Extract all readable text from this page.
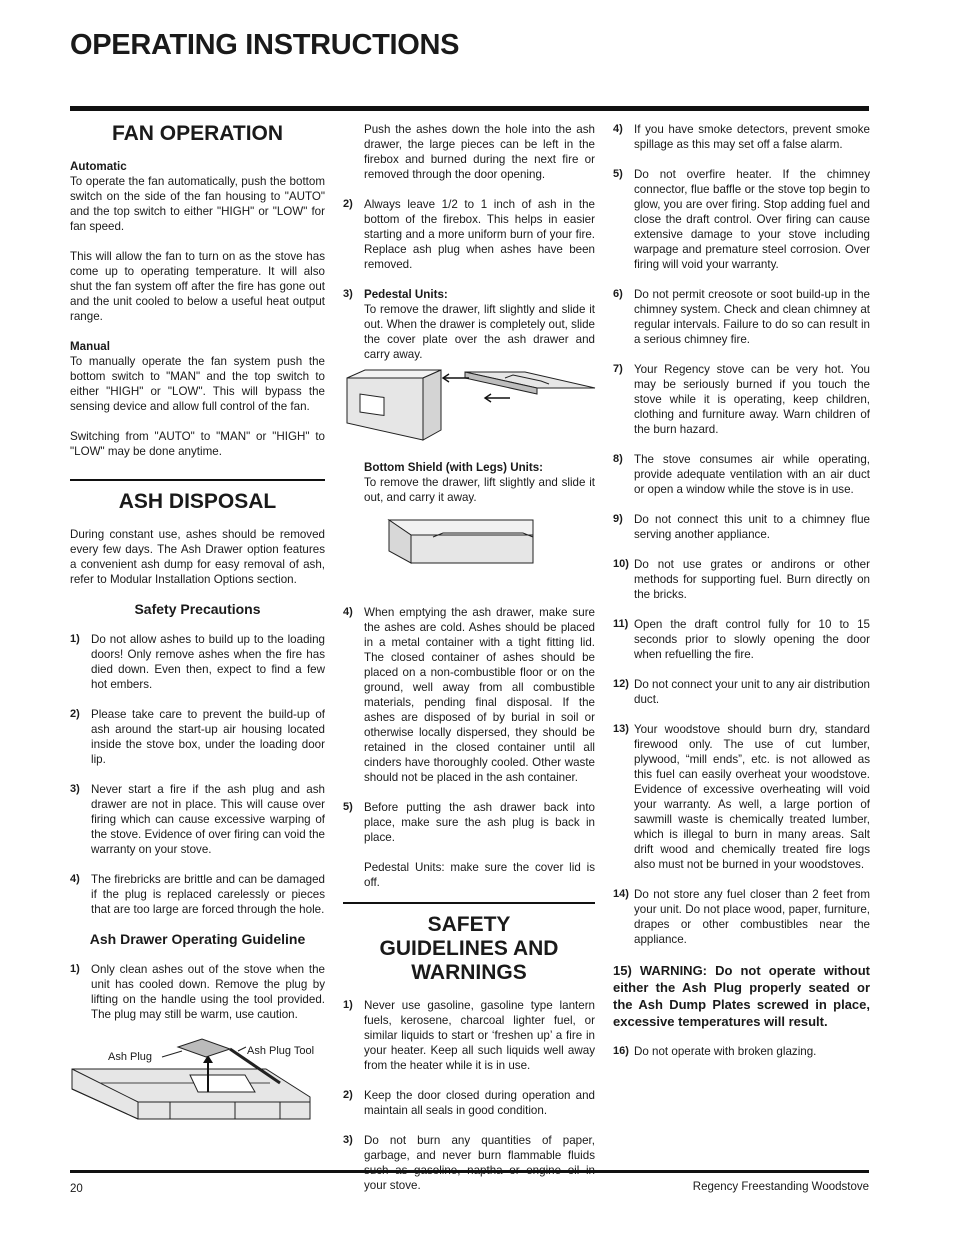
OPERATING INSTRUCTIONS
FAN OPERATION
Automatic

To operate the fan automatically, push the bottom switch on the side of the fan housing to "AUTO" and the top switch to either "HIGH" or "LOW" for fan speed.

This will allow the fan to turn on as the stove has come up to operating temperature. It will also shut the fan system off after the fire has gone out and the unit cooled to below a useful heat output range.

Manual

To manually operate the fan system push the bottom switch to "MAN" and the top switch to either "HIGH" or "LOW". This will bypass the sensing device and allow full control of the fan.

Switching from "AUTO" to "MAN" or "HIGH" to "LOW" may be done anytime.

ASH DISPOSAL

During constant use, ashes should be removed every few days. The Ash Drawer option features a convenient ash dump for easy removal of ash, refer to Modular Installation Options section.

Safety Precautions
1) Do not allow ashes to build up to the loading doors! Only remove ashes when the fire has died down. Even then, expect to find a few hot embers.
2) Please take care to prevent the build-up of ash around the start-up air housing located inside the stove box, under the loading door lip.
3) Never start a fire if the ash plug and ash drawer are not in place. This will cause over firing which can cause excessive warping of the stove. Evidence of over firing can void the warranty on your stove.
4) The firebricks are brittle and can be damaged if the plug is replaced carelessly or pieces that are too large are forced through the hole.
Ash Drawer Operating Guideline
1) Only clean ashes out of the stove when the unit has cooled down. Remove the plug by lifting on the handle using the tool provided. The plug may still be warm, use caution.
Ash Plug	Ash Plug Tool
Push the ashes down the hole into the ash drawer, the large pieces can be left in the firebox and burned during the next fire or removed through the door opening.
2) Always leave 1/2 to 1 inch of ash in the bottom of the firebox. This helps in easier starting and a more uniform burn of your fire. Replace ash plug when ashes have been removed.
3) Pedestal Units:
To remove the drawer, lift slightly and slide it out. When the drawer is completely out, slide the cover plate over the ash drawer and carry away.
Bottom Shield (with Legs) Units:
To remove the drawer, lift slightly and slide it out, and carry it away.
4) When emptying the ash drawer, make sure the ashes are cold. Ashes should be placed in a metal container with a tight fitting lid. The closed container of ashes should be placed on a non-combustible floor or on the ground, well away from all combustible materials, pending final disposal. If the ashes are disposed of by burial in soil or otherwise locally dispersed, they should be retained in the closed container until all cinders have thoroughly cooled. Other waste should not be placed in the ash container.
5) Before putting the ash drawer back into place, make sure the ash plug is back in place.

Pedestal Units: make sure the cover lid is off.
SAFETY GUIDELINES AND WARNINGS
1) Never use gasoline, gasoline type lantern fuels, kerosene, charcoal lighter fuel, or similar liquids to start or ‘freshen up’ a fire in your heater. Keep all such liquids well away from the heater while it is in use.
2) Keep the door closed during operation and maintain all seals in good condition.
3) Do not burn any quantities of paper, garbage, and never burn flammable fluids your stove.
4) If you have smoke detectors, prevent smoke spillage as this may set off a false alarm.
5) Do not overfire heater. If the chimney connector, flue baffle or the stove top begin to glow, you are over firing. Stop adding fuel and close the draft control. Over firing can cause extensive damage to your stove including warpage and premature steel corrosion. Over firing will void your warranty.
6) Do not permit creosote or soot build-up in the chimney system. Check and clean chimney at regular intervals. Failure to do so can result in a serious chimney fire.
7) Your Regency stove can be very hot. You may be seriously burned if you touch the stove while it is operating, keep children, clothing and furniture away. Warn children of the burn hazard.
8) The stove consumes air while operating, provide adequate ventilation with an air duct or open a window while the stove is in use.
9) Do not connect this unit to a chimney flue serving another appliance.
10) Do not use grates or andirons or other methods for supporting fuel. Burn directly on the bricks.
11) Open the draft control fully for 10 to 15 seconds prior to slowly opening the door when refuelling the fire.
12) Do not connect your unit to any air distribution duct.
13) Your woodstove should burn dry, standard firewood only. The use of cut lumber, plywood, “mill ends”, etc. is not allowed as this fuel can easily overheat your woodstove. Evidence of excessive overheating will void your warranty. As well, a large portion of sawmill waste is chemically treated lumber, which is illegal to burn in many areas. Salt drift wood and chemically treated fire logs also must not be burned in your woodstoves.
14) Do not store any fuel closer than 2 feet from your unit. Do not place wood, paper, furniture, drapes or other combustibles near the appliance.
15) WARNING: Do not operate without either the Ash Plug properly seated or the Ash Dump Plates screwed in place, excessive temperatures will result.
16) Do not operate with broken glazing.
20	Regency Freestanding Woodstove
